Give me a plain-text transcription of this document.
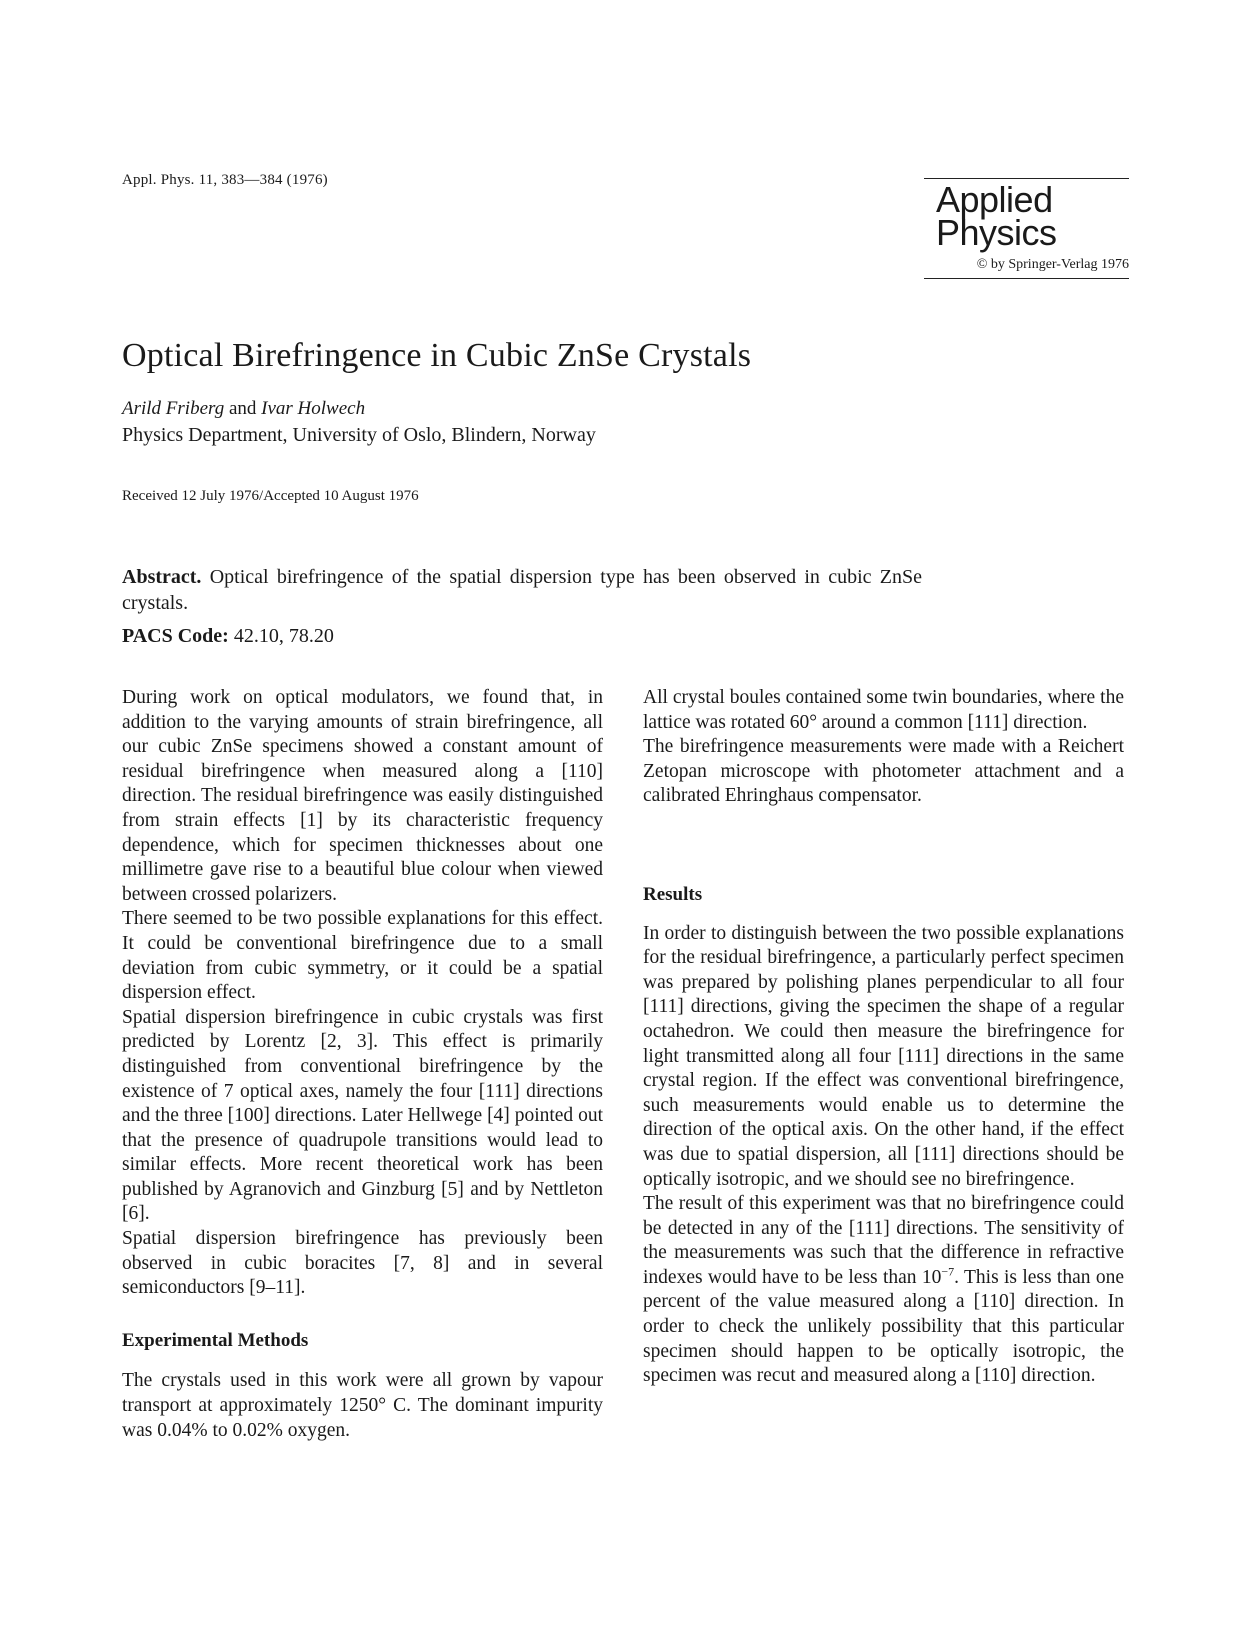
Appl. Phys. 11, 383—384 (1976)	Applied
Physics
© by Springer-Verlag 1976
Optical Birefringence in Cubic ZnSe Crystals
Arild Friberg and Ivar Holwech
Physics Department, University of Oslo, Blindern, Norway
Received 12 July 1976/Accepted 10 August 1976

Abstract. Optical birefringence of the spatial dispersion type has been observed in cubic ZnSe crystals.

PACS Code: 42.10, 78.20

During work on optical modulators, we found that, in addition to the varying amounts of strain birefringence, all our cubic ZnSe specimens showed a constant amount of residual birefringence when measured along a [110] direction. The residual birefringence was easily distinguished from strain effects [1] by its characteristic frequency dependence, which for specimen thicknesses about one millimetre gave rise to a beautiful blue colour when viewed between crossed polarizers.

There seemed to be two possible explanations for this effect. It could be conventional birefringence due to a small deviation from cubic symmetry, or it could be a spatial dispersion effect.

Spatial dispersion birefringence in cubic crystals was first predicted by Lorentz [2, 3]. This effect is primarily distinguished from conventional birefringence by the existence of 7 optical axes, namely the four [111] directions and the three [100] directions. Later Hellwege [4] pointed out that the presence of quadrupole transitions would lead to similar effects. More recent theoretical work has been published by Agranovich and Ginzburg [5] and by Nettleton [6].

Spatial dispersion birefringence has previously been observed in cubic boracites [7, 8] and in several semiconductors [9–11].

Experimental Methods

The crystals used in this work were all grown by vapour transport at approximately 1250° C. The dominant impurity was 0.04% to 0.02% oxygen.

All crystal boules contained some twin boundaries, where the lattice was rotated 60° around a common [111] direction.

The birefringence measurements were made with a Reichert Zetopan microscope with photometer attachment and a calibrated Ehringhaus compensator.

Results

In order to distinguish between the two possible explanations for the residual birefringence, a particularly perfect specimen was prepared by polishing planes perpendicular to all four [111] directions, giving the specimen the shape of a regular octahedron. We could then measure the birefringence for light transmitted along all four [111] directions in the same crystal region. If the effect was conventional birefringence, such measurements would enable us to determine the direction of the optical axis. On the other hand, if the effect was due to spatial dispersion, all [111] directions should be optically isotropic, and we should see no birefringence.

The result of this experiment was that no birefringence could be detected in any of the [111] directions. The sensitivity of the measurements was such that the difference in refractive indexes would have to be less than $10^{-7}$. This is less than one percent of the value measured along a [110] direction. In order to check the unlikely possibility that this particular specimen should happen to be optically isotropic, the specimen was recut and measured along a [110] direction.
